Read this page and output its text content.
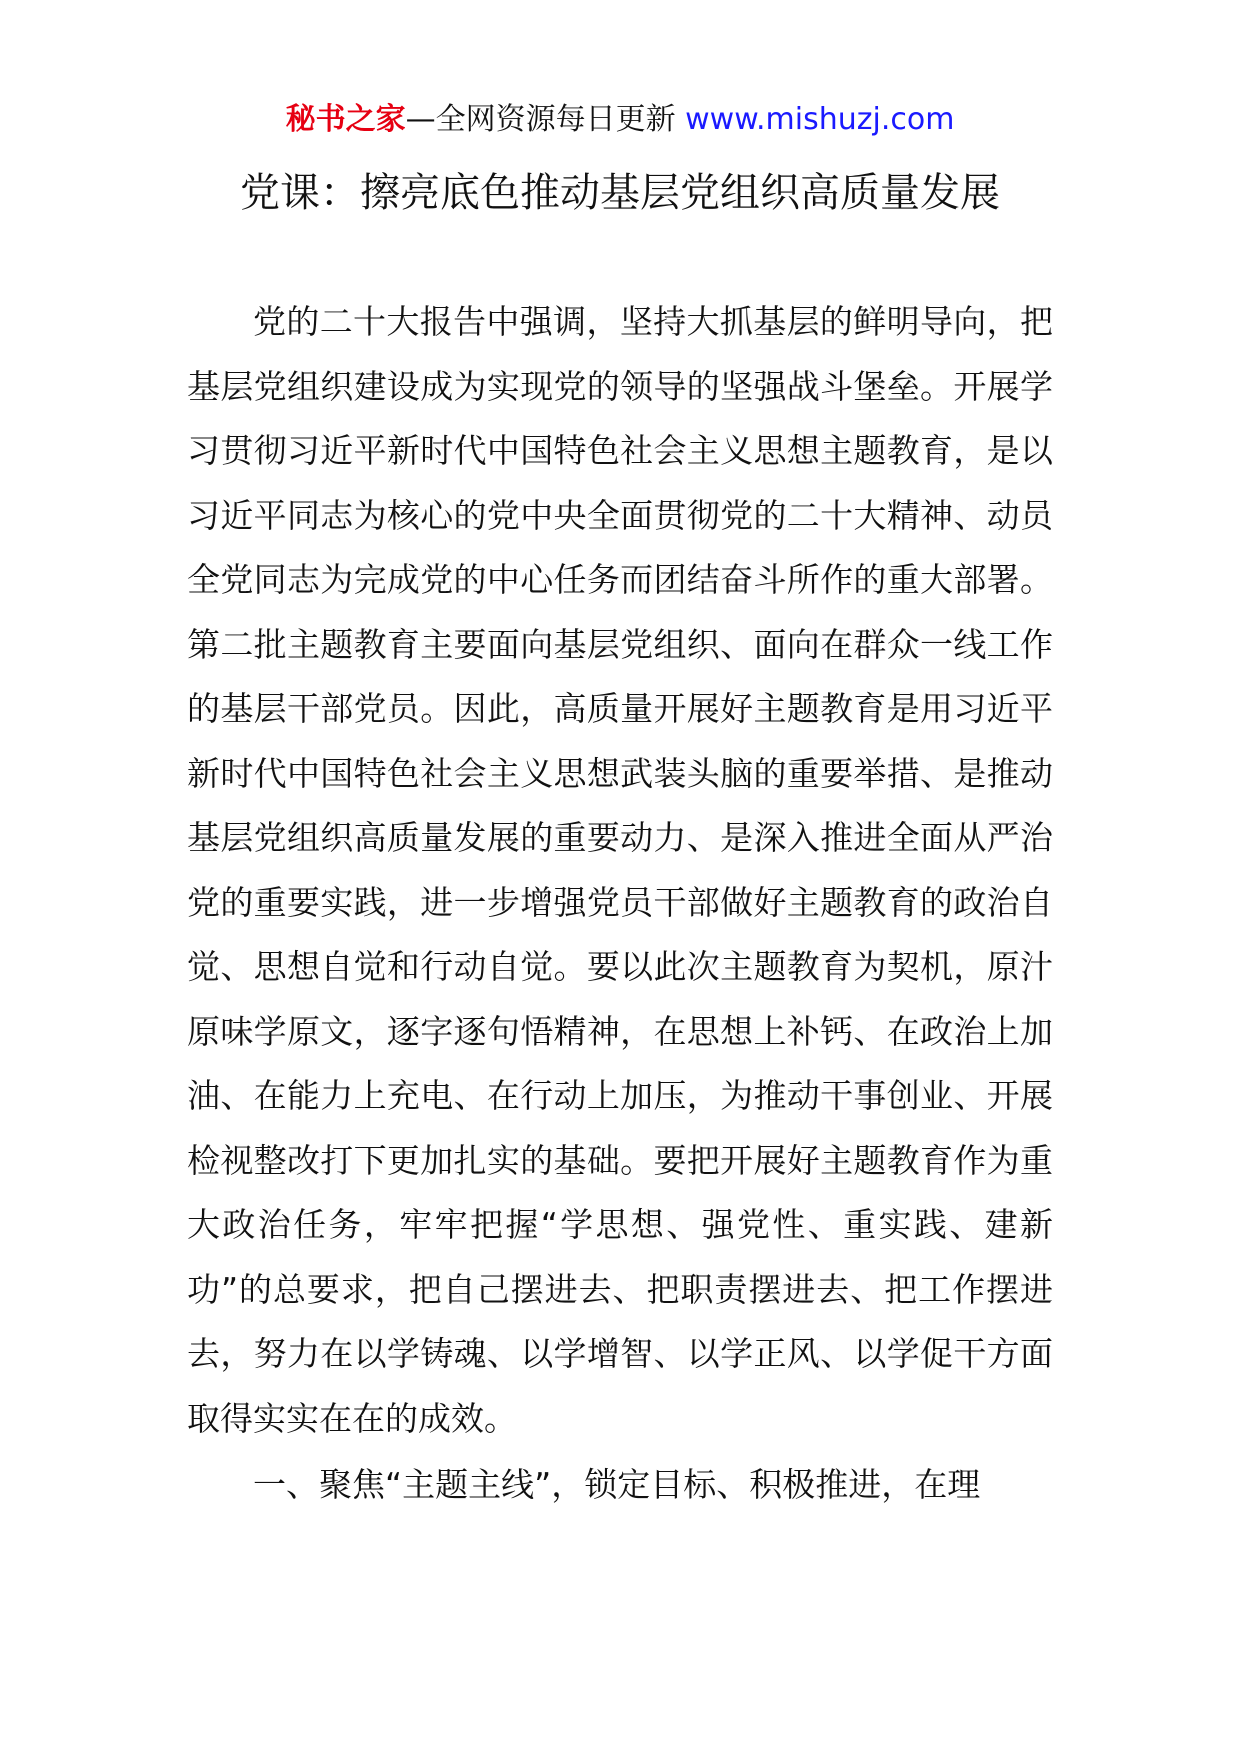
秘书之家—全网资源每日更新 www.mishuzj.com
党课：擦亮底色推动基层党组织高质量发展

党的二十大报告中强调，坚持大抓基层的鲜明导向，把基层党组织建设成为实现党的领导的坚强战斗堡垒。开展学习贯彻习近平新时代中国特色社会主义思想主题教育，是以习近平同志为核心的党中央全面贯彻党的二十大精神、动员全党同志为完成党的中心任务而团结奋斗所作的重大部署。第二批主题教育主要面向基层党组织、面向在群众一线工作的基层干部党员。因此，高质量开展好主题教育是用习近平新时代中国特色社会主义思想武装头脑的重要举措、是推动基层党组织高质量发展的重要动力、是深入推进全面从严治党的重要实践，进一步增强党员干部做好主题教育的政治自觉、思想自觉和行动自觉。要以此次主题教育为契机，原汁原味学原文，逐字逐句悟精神，在思想上补钙、在政治上加油、在能力上充电、在行动上加压，为推动干事创业、开展检视整改打下更加扎实的基础。要把开展好主题教育作为重大政治任务，牢牢把握“学思想、强党性、重实践、建新功”的总要求，把自己摆进去、把职责摆进去、把工作摆进去，努力在以学铸魂、以学增智、以学正风、以学促干方面取得实实在在的成效。

一、聚焦“主题主线”，锁定目标、积极推进，在理
